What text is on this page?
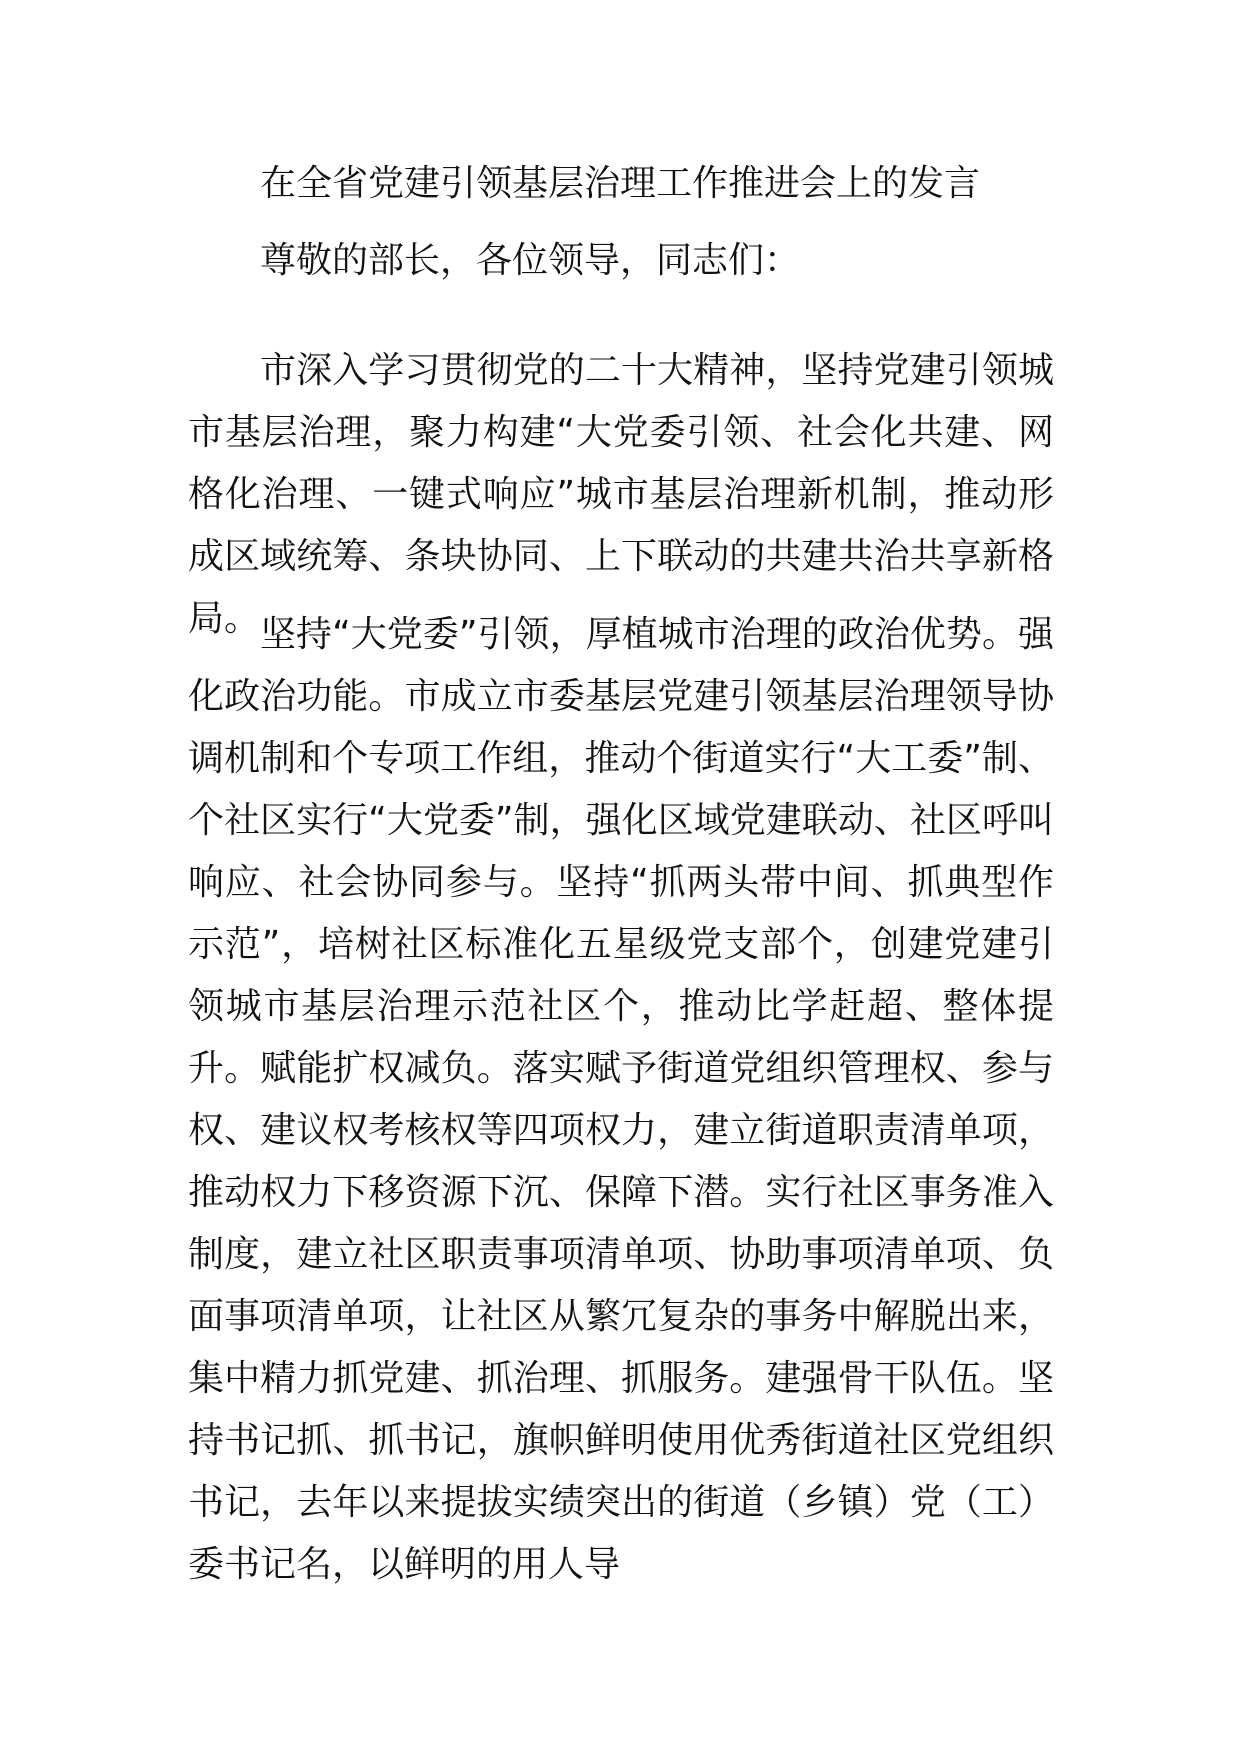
在全省党建引领基层治理工作推进会上的发言

尊敬的部长，各位领导，同志们：

市深入学习贯彻党的二十大精神，坚持党建引领城市基层治理，聚力构建“大党委引领、社会化共建、网格化治理、一键式响应”城市基层治理新机制，推动形成区域统筹、条块协同、上下联动的共建共治共享新格局。 坚持“大党委”引领，厚植城市治理的政治优势。强化政治功能。市成立市委基层党建引领基层治理领导协调机制和个专项工作组，推动个街道实行“大工委”制、个社区实行“大党委”制，强化区域党建联动、社区呼叫响应、社会协同参与。坚持“抓两头带中间、抓典型作示范”，培树社区标准化五星级党支部个，创建党建引领城市基层治理示范社区个，推动比学赶超、整体提升。赋能扩权减负。落实赋予街道党组织管理权、参与权、建议权考核权等四项权力，建立街道职责清单项，推动权力下移资源下沉、保障下潜。实行社区事务准入制度，建立社区职责事项清单项、协助事项清单项、负面事项清单项，让社区从繁冗复杂的事务中解脱出来，集中精力抓党建、抓治理、抓服务。建强骨干队伍。坚持书记抓、抓书记，旗帜鲜明使用优秀街道社区党组织书记，去年以来提拔实绩突出的街道（乡镇）党（工）委书记名，以鲜明的用人导
